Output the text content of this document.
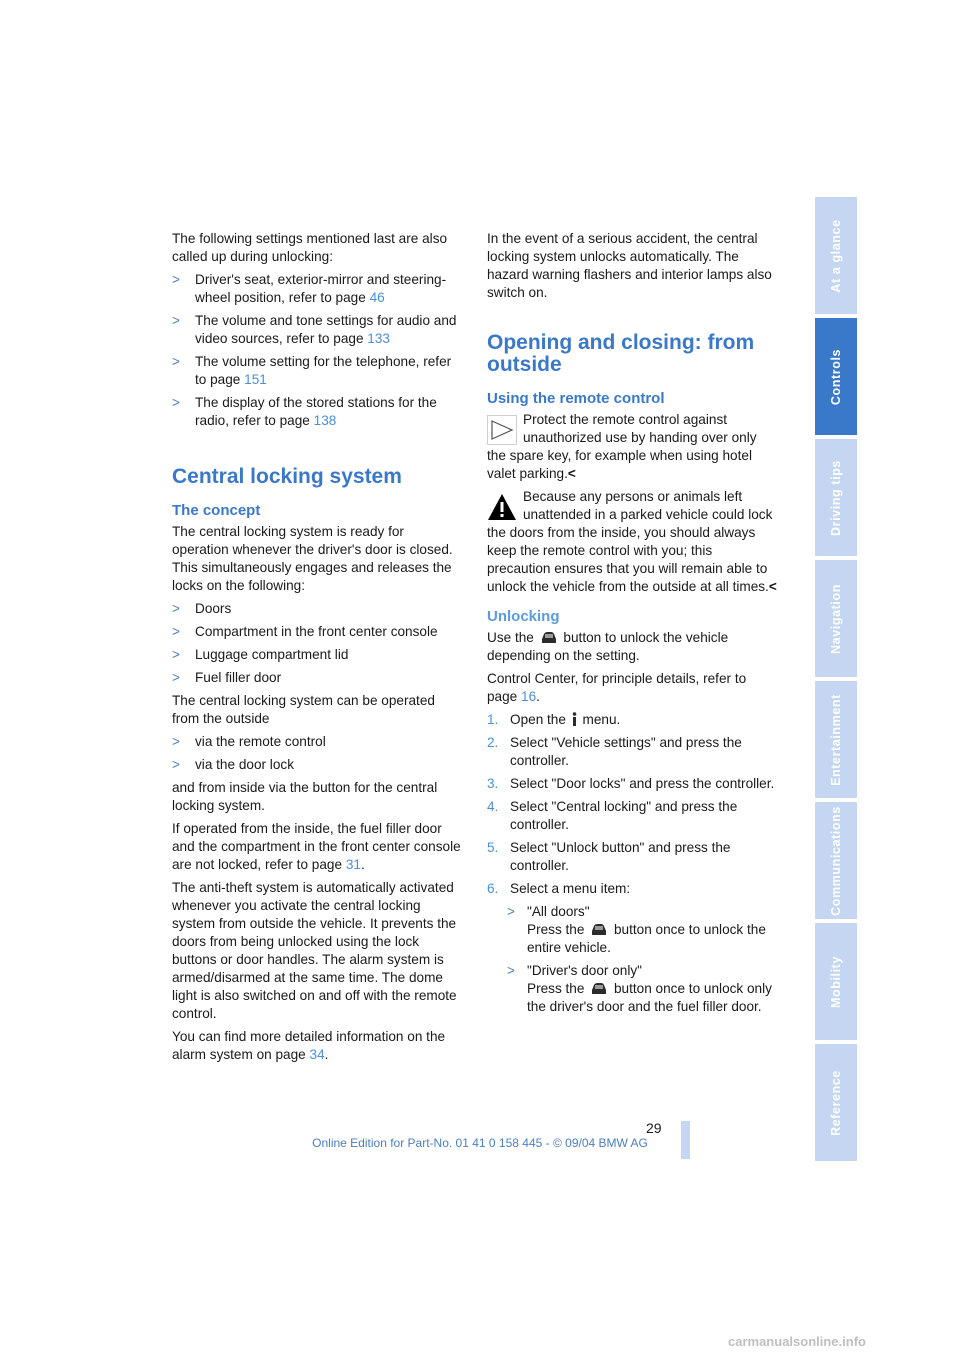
The following settings mentioned last are also called up during unlocking:

> Driver's seat, exterior-mirror and steering-wheel position, refer to page 46
> The volume and tone settings for audio and video sources, refer to page 133
> The volume setting for the telephone, refer to page 151
> The display of the stored stations for the radio, refer to page 138
Central locking system
The concept

The central locking system is ready for operation whenever the driver's door is closed. This simultaneously engages and releases the locks on the following:

> Doors
> Compartment in the front center console
> Luggage compartment lid
> Fuel filler door

The central locking system can be operated from the outside

> via the remote control
> via the door lock

and from inside via the button for the central locking system.

If operated from the inside, the fuel filler door and the compartment in the front center console are not locked, refer to page 31.

The anti-theft system is automatically activated whenever you activate the central locking system from outside the vehicle. It prevents the doors from being unlocked using the lock buttons or door handles. The alarm system is armed/disarmed at the same time. The dome light is also switched on and off with the remote control.

You can find more detailed information on the alarm system on page 34.

In the event of a serious accident, the central locking system unlocks automatically. The hazard warning flashers and interior lamps also switch on.

Opening and closing: from outside
Using the remote control
Protect the remote control against unauthorized use by handing over only the spare key, for example when using hotel valet parking.<
Because any persons or animals left unattended in a parked vehicle could lock the doors from the inside, you should always keep the remote control with you; this precaution ensures that you will remain able to unlock the vehicle from the outside at all times.<
Unlocking

Use the button to unlock the vehicle depending on the setting.

Control Center, for principle details, refer to page 16.

1. Open the menu.
2. Select "Vehicle settings" and press the controller.
3. Select "Door locks" and press the controller.
4. Select "Central locking" and press the controller.
5. Select "Unlock button" and press the controller.
6. Select a menu item:
> "All doors"
Press the button once to unlock the entire vehicle.
> "Driver's door only"
Press the button once to unlock only the driver's door and the fuel filler door.
At a glance
Controls
Driving tips
Navigation
Entertainment
Communications
Mobility
Reference
29
Online Edition for Part-No. 01 41 0 158 445 - © 09/04 BMW AG
carmanualsonline.info
